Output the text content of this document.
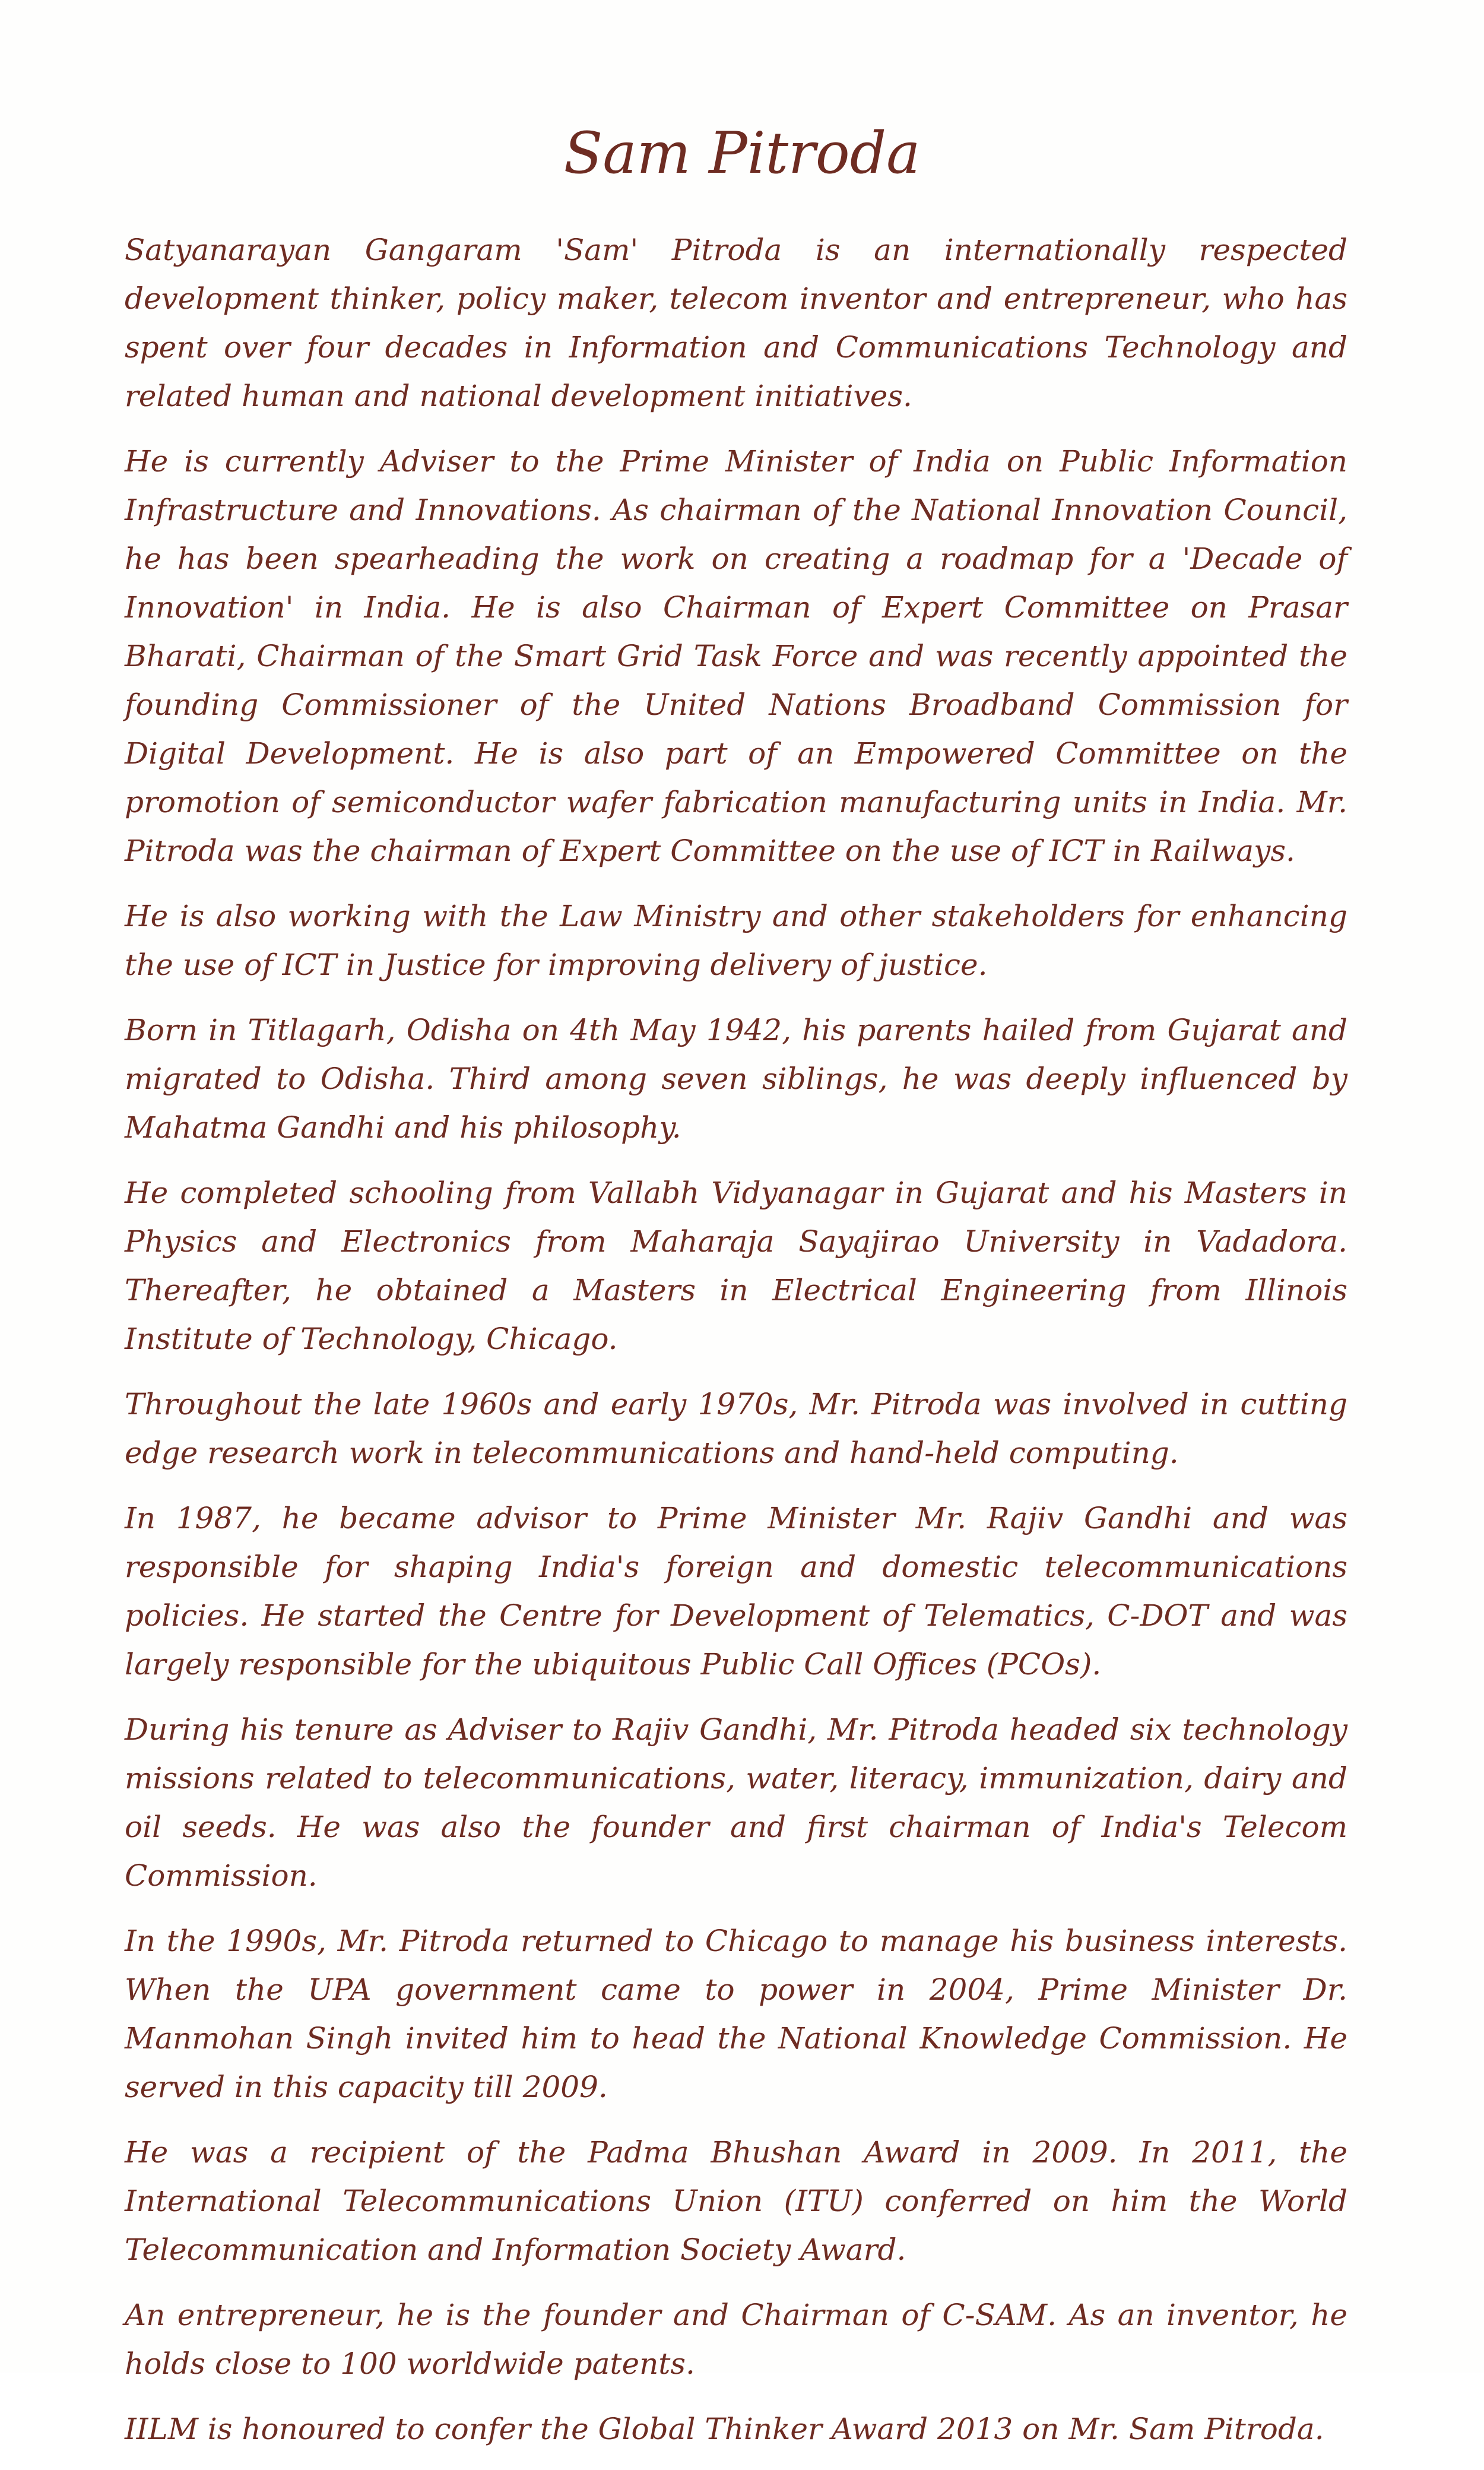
Sam Pitroda

Satyanarayan Gangaram 'Sam' Pitroda is an internationally respected development thinker, policy maker, telecom inventor and entrepreneur, who has spent over four decades in Information and Communications Technology and related human and national development initiatives.

He is currently Adviser to the Prime Minister of India on Public Information Infrastructure and Innovations. As chairman of the National Innovation Council, he has been spearheading the work on creating a roadmap for a 'Decade of Innovation' in India. He is also Chairman of Expert Committee on Prasar Bharati, Chairman of the Smart Grid Task Force and was recently appointed the founding Commissioner of the United Nations Broadband Commission for Digital Development. He is also part of an Empowered Committee on the promotion of semiconductor wafer fabrication manufacturing units in India. Mr. Pitroda was the chairman of Expert Committee on the use of ICT in Railways.

He is also working with the Law Ministry and other stakeholders for enhancing the use of ICT in Justice for improving delivery of justice.

Born in Titlagarh, Odisha on 4th May 1942, his parents hailed from Gujarat and migrated to Odisha. Third among seven siblings, he was deeply influenced by Mahatma Gandhi and his philosophy.

He completed schooling from Vallabh Vidyanagar in Gujarat and his Masters in Physics and Electronics from Maharaja Sayajirao University in Vadadora. Thereafter, he obtained a Masters in Electrical Engineering from Illinois Institute of Technology, Chicago.

Throughout the late 1960s and early 1970s, Mr. Pitroda was involved in cutting edge research work in telecommunications and hand-held computing.

In 1987, he became advisor to Prime Minister Mr. Rajiv Gandhi and was responsible for shaping India's foreign and domestic telecommunications policies. He started the Centre for Development of Telematics, C-DOT and was largely responsible for the ubiquitous Public Call Offices (PCOs).

During his tenure as Adviser to Rajiv Gandhi, Mr. Pitroda headed six technology missions related to telecommunications, water, literacy, immunization, dairy and oil seeds. He was also the founder and first chairman of India's Telecom Commission.

In the 1990s, Mr. Pitroda returned to Chicago to manage his business interests. When the UPA government came to power in 2004, Prime Minister Dr. Manmohan Singh invited him to head the National Knowledge Commission. He served in this capacity till 2009.

He was a recipient of the Padma Bhushan Award in 2009. In 2011, the International Telecommunications Union (ITU) conferred on him the World Telecommunication and Information Society Award.

An entrepreneur, he is the founder and Chairman of C-SAM. As an inventor, he holds close to 100 worldwide patents.

IILM is honoured to confer the Global Thinker Award 2013 on Mr. Sam Pitroda.
